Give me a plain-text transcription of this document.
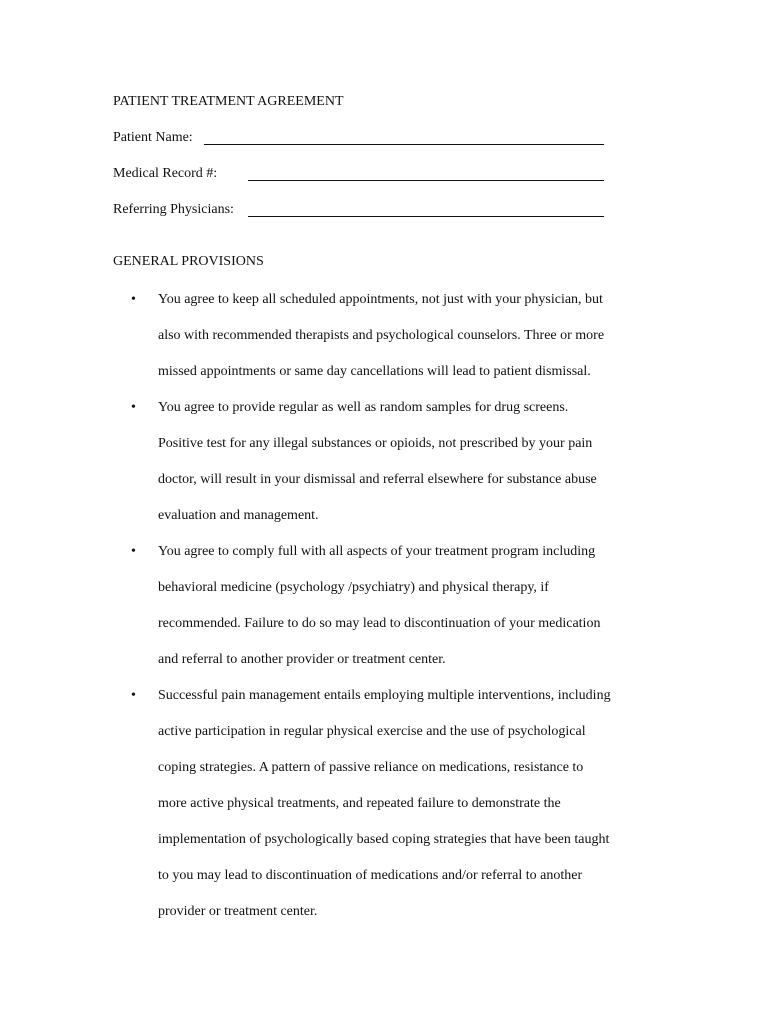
PATIENT TREATMENT AGREEMENT
Patient Name:
Medical Record #:
Referring Physicians:
GENERAL PROVISIONS
•	You agree to keep all scheduled appointments, not just with your physician, but
also with recommended therapists and psychological counselors. Three or more
missed appointments or same day cancellations will lead to patient dismissal.
•	You agree to provide regular as well as random samples for drug screens.
Positive test for any illegal substances or opioids, not prescribed by your pain
doctor, will result in your dismissal and referral elsewhere for substance abuse
evaluation and management.
•	You agree to comply full with all aspects of your treatment program including
behavioral medicine (psychology /psychiatry) and physical therapy, if
recommended. Failure to do so may lead to discontinuation of your medication
and referral to another provider or treatment center.
•	Successful pain management entails employing multiple interventions, including
active participation in regular physical exercise and the use of psychological
coping strategies. A pattern of passive reliance on medications, resistance to
more active physical treatments, and repeated failure to demonstrate the
implementation of psychologically based coping strategies that have been taught
to you may lead to discontinuation of medications and/or referral to another
provider or treatment center.
